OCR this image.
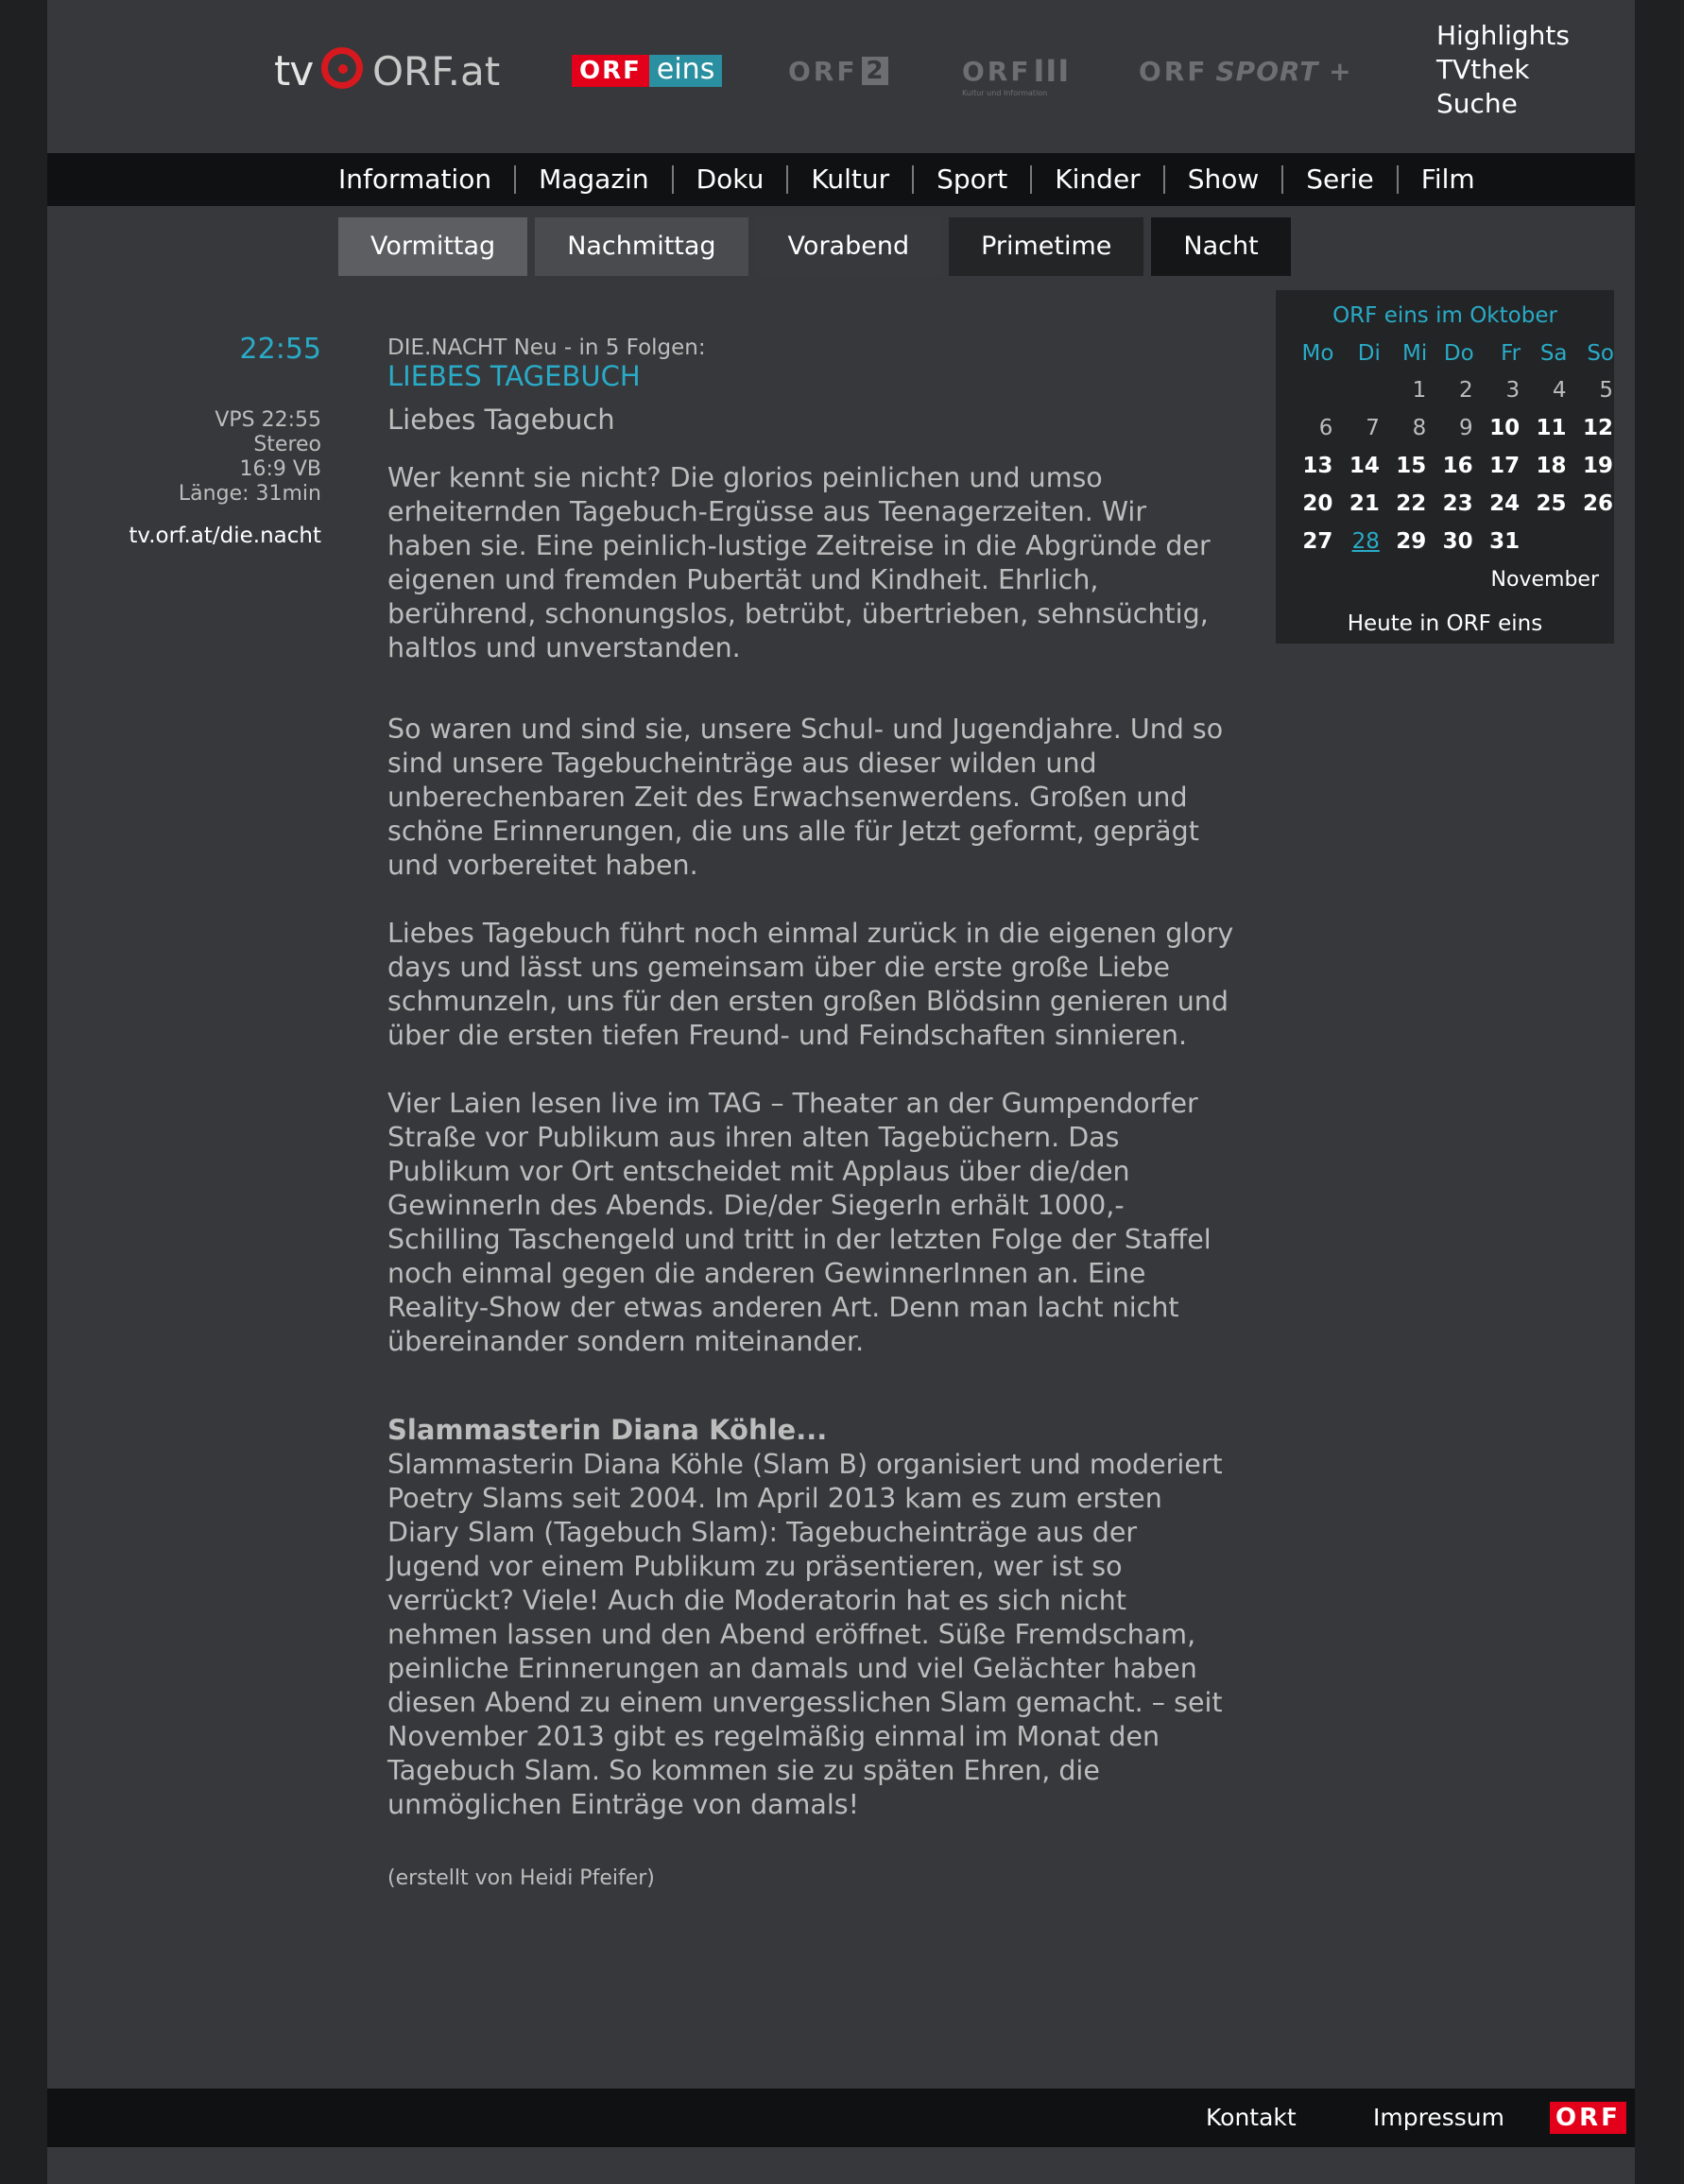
tv ORF.at	ORF eins	ORF 2	ORF III
Kultur und Information
ORF SPORT +
Highlights
TVthek
Suche
Information	Magazin	Doku	Kultur	Sport	Kinder	Show	Serie	Film
Vormittag	Nachmittag	Vorabend	Primetime	Nacht
22:55
VPS 22:55
Stereo
16:9 VB
Länge: 31min
tv.orf.at/die.nacht
DIE.NACHT Neu - in 5 Folgen:
LIEBES TAGEBUCH
Liebes Tagebuch

Wer kennt sie nicht? Die glorios peinlichen und umso erheiternden Tagebuch-Ergüsse aus Teenagerzeiten. Wir haben sie. Eine peinlich-lustige Zeitreise in die Abgründe der eigenen und fremden Pubertät und Kindheit. Ehrlich, berührend, schonungslos, betrübt, übertrieben, sehnsüchtig, haltlos und unverstanden.

So waren und sind sie, unsere Schul- und Jugendjahre. Und so sind unsere Tagebucheinträge aus dieser wilden und unberechenbaren Zeit des Erwachsenwerdens. Großen und schöne Erinnerungen, die uns alle für Jetzt geformt, geprägt und vorbereitet haben.

Liebes Tagebuch führt noch einmal zurück in die eigenen glory days und lässt uns gemeinsam über die erste große Liebe schmunzeln, uns für den ersten großen Blödsinn genieren und über die ersten tiefen Freund- und Feindschaften sinnieren.

Vier Laien lesen live im TAG – Theater an der Gumpendorfer Straße vor Publikum aus ihren alten Tagebüchern. Das Publikum vor Ort entscheidet mit Applaus über die/den GewinnerIn des Abends. Die/der SiegerIn erhält 1000,- Schilling Taschengeld und tritt in der letzten Folge der Staffel noch einmal gegen die anderen GewinnerInnen an. Eine Reality-Show der etwas anderen Art. Denn man lacht nicht übereinander sondern miteinander.

Slammasterin Diana Köhle...

Slammasterin Diana Köhle (Slam B) organisiert und moderiert Poetry Slams seit 2004. Im April 2013 kam es zum ersten Diary Slam (Tagebuch Slam): Tagebucheinträge aus der Jugend vor einem Publikum zu präsentieren, wer ist so verrückt? Viele! Auch die Moderatorin hat es sich nicht nehmen lassen und den Abend eröffnet. Süße Fremdscham, peinliche Erinnerungen an damals und viel Gelächter haben diesen Abend zu einem unvergesslichen Slam gemacht. – seit November 2013 gibt es regelmäßig einmal im Monat den Tagebuch Slam. So kommen sie zu späten Ehren, die unmöglichen Einträge von damals!

(erstellt von Heidi Pfeifer)
ORF eins im Oktober
Mo	Di	Mi	Do	Fr	Sa	So
		1	2	3	4	5
6	7	8	9	10	11	12
13	14	15	16	17	18	19
20	21	22	23	24	25	26
27	28	29	30	31		
November
Heute in ORF eins
Kontakt	Impressum ORF
